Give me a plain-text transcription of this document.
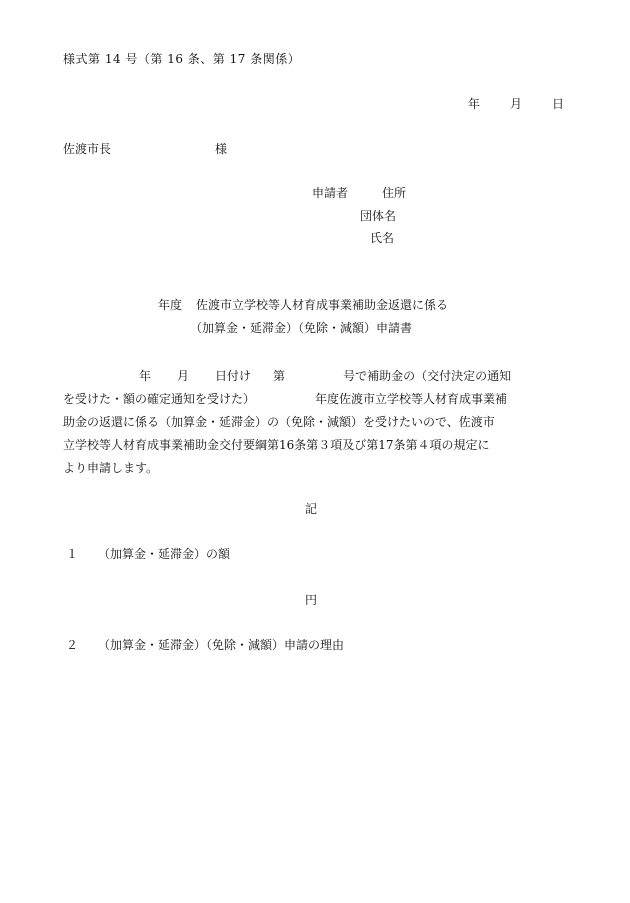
様式第 14 号（第 16 条、第 17 条関係）
年	月	日
佐渡市長	様
申請者	住所
団体名
氏名
年度 佐渡市立学校等人材育成事業補助金返還に係る
（加算金・延滞金）（免除・減額）申請書
年 月 日付け 第	号で補助金の（交付決定の通知
を受けた・額の確定通知を受けた）	年度佐渡市立学校等人材育成事業補
助金の返還に係る（加算金・延滞金）の（免除・減額）を受けたいので、佐渡市
立学校等人材育成事業補助金交付要綱第16条第３項及び第17条第４項の規定に
より申請します。
記
１ （加算金・延滞金）の額
円
２ （加算金・延滞金）（免除・減額）申請の理由
